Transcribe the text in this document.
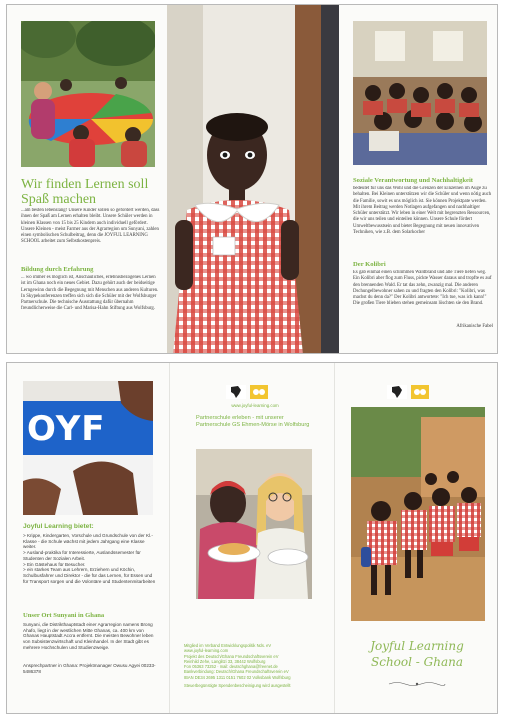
Wir finden Lernen soll Spaß machen
...am besten lebenslang! Unsere Kinder sollen so gefördert werden, dass ihnen der Spaß am Lernen erhalten bleibt. Unsere Schüler werden in kleinen Klassen von 15 bis 25 Kindern auch individuell gefördert. Unsere Kleinen - meist Farmer aus der Agrarregion um Sunyani, zahlen einen symbolischen Schulbeitrag, denn die JOYFUL LEARNING SCHOOL arbeitet zum Selbstkostenpreis.
Bildung durch Erfahrung
... wo immer es möglich ist, Anschauliches, erlebnisbezogenes Lernen ist im Ghana noch ein neues Gebiet. Dazu gehört auch der beidseitige Lerngewinn durch die Begegnung mit Menschen aus anderen Kulturen. In Skypekonferenzen treffen sich sich die Schüler mit der Wolfsburger Partnerschule. Die technische Ausstattung dafür übernahm freundlicherweise die Carl- und Marisa-Hahn Stiftung aus Wolfsburg.
Soziale Verantwortung und Nachhaltigkeit
bedeutet für uns das Wohl und die Grenzen der Einzelnen im Auge zu behalten. Bei Kleinen unterstützen wir die Schüler und wenn nötig auch die Familie, sowit es uns möglich ist. Sie können Projektpate werden. Mit ihrem Beitrag werden Notlagen aufgefangen und nachhaltiger Schüler unterstützt. Wir leben in einer Welt mit begrenzten Ressourcen, die wir uns teilen und einteilen können. Unsere Schule fördert Umweltbewusstsein und bietet Begegnung mit neuen innovativen Techniken, wie z.B. dem Solarkocher
Der Kolibri
Es gab einmal einen schlimmen Waldbrand und alle Tiere liefen weg. Ein Kolibri aber flog zum Fluss, pickte Wasser daraus und tropfte es auf den brennenden Wald. Er tat das zehn, zwanzig mal. Die anderen Dschungelbewohner sahen zu und fragten den Kolibri: "Kolibri, was machst du denn da?" Der Kolibri antwortete: "Ich tue, was ich kann!" Die großen Tiere blieben stehen gemeinsam löschten sie den Brand.
Afrikanische Fabel
OYF
Joyful Learning bietet:
> Krippe, Kindergarten, Vorschule und Grundschule von der Kl.-Klasse - die Schule wächst mit jedem Jahrgang eine Klasse weiter.
> Ausland-praktika für Interessierte, Auslandssemester für Studenten der Sozialen Arbeit.
> Ein Gästehaus für Besucher.
> ein starkes Team aus Lehrern, Erziehern und Köchin, Schulbusfahrer und Direktor - die für das Lernen, für Essen und für Transport sorgen und die Volontäre und Studentenmitarbeiten
Unser Ort Sunyani in Ghana
Sunyani, die Distrikthauptstadt einer Agrarregion namens Brong Ahafo, liegt in der westlichen Mitte Ghanas, ca. 400 km von Ghanas Hauptstadt Accra entfernt. Die meisten Bewohner leben von Subsistenzwirtschaft und Kleinhandel. In der Stadt gibt es mehrere Hochschulen und Studienzweige.
Ansprechpartner in Ghana: Projektmanager Owusu Agyei 00233-5486378
www.joyful-learning.com
Partnerschule erleben - mit unserer Partnerschule GS Ehmen-Mörse in Wolfsburg
Mitglied im Verband Entwicklungspolitik Nds. eV
www.joyful-learning.com
Projekt des Deutsch/Ghana Freundschaftsverein eV
Reinhild Zehe, Langlitzi 33, 38442 Wolfsburg
Fon 05363 73252 · mail: deutschghana@freenet.de
Bankverbindung: Deutsch/Ghana Freundschaftsverein eV
IBAN DE34 2695 1311 0151 7602 02 Volksbank Wolfsburg
Steuerbegünstigte Spendenbescheinigung wird ausgestellt
Joyful Learning
School - Ghana
